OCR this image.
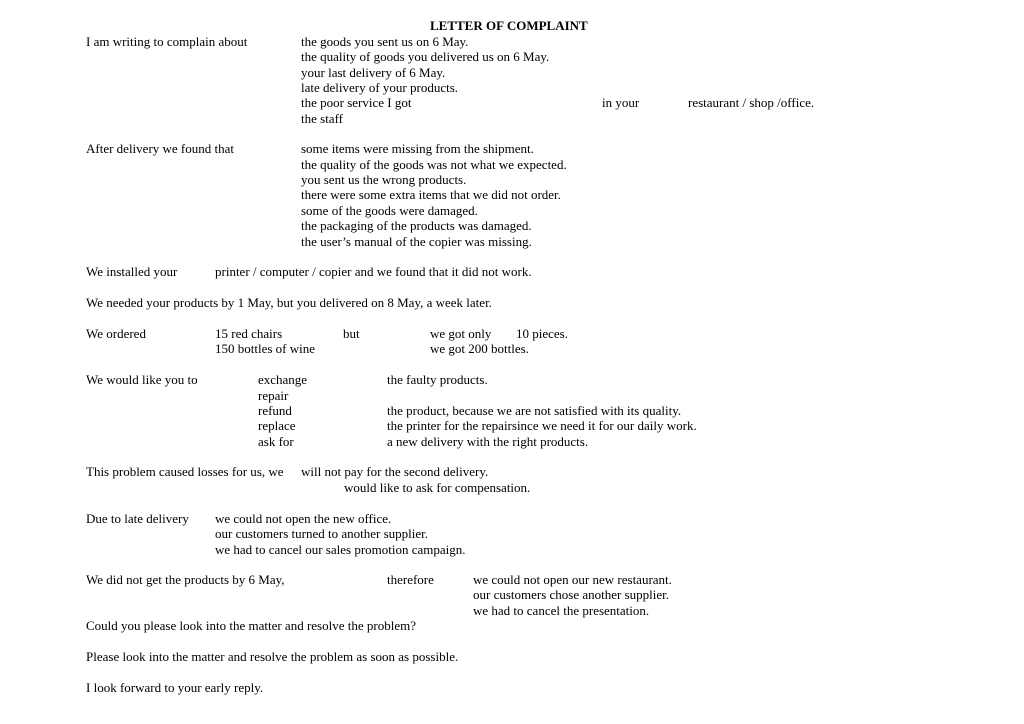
LETTER OF COMPLAINT
I am writing to complain about	the goods you sent us on 6 May.
the quality of goods you delivered us on 6 May.
your last delivery of 6 May.
late delivery of your products.
the poor service I got	in your	restaurant / shop /office.
the staff
After delivery we found that	some items were missing from the shipment.
the quality of the goods was not what we expected.
you sent us the wrong products.
there were some extra items that we did not order.
some of the goods were damaged.
the packaging of the products was damaged.
the user’s manual of the copier was missing.
We installed your	printer / computer / copier and we found that it did not work.
We needed your products by 1 May, but you delivered on 8 May, a week later.
We ordered	15 red chairs	but	we got only 10 pieces.
150 bottles of wine	we got 200 bottles.
We would like you to	exchange	the faulty products.
repair
refund	the product, because we are not satisfied with its quality.
replace	the printer for the repairsince we need it for our daily work.
ask for	a new delivery with the right products.
This problem caused losses for us, we will not pay for the second delivery.
would like to ask for compensation.
Due to late delivery we could not open the new office.
our customers turned to another supplier.
we had to cancel our sales promotion campaign.
We did not get the products by 6 May,	therefore	we could not open our new restaurant.
our customers chose another supplier.
we had to cancel the presentation.
Could you please look into the matter and resolve the problem?
Please look into the matter and resolve the problem as soon as possible.
I look forward to your early reply.
